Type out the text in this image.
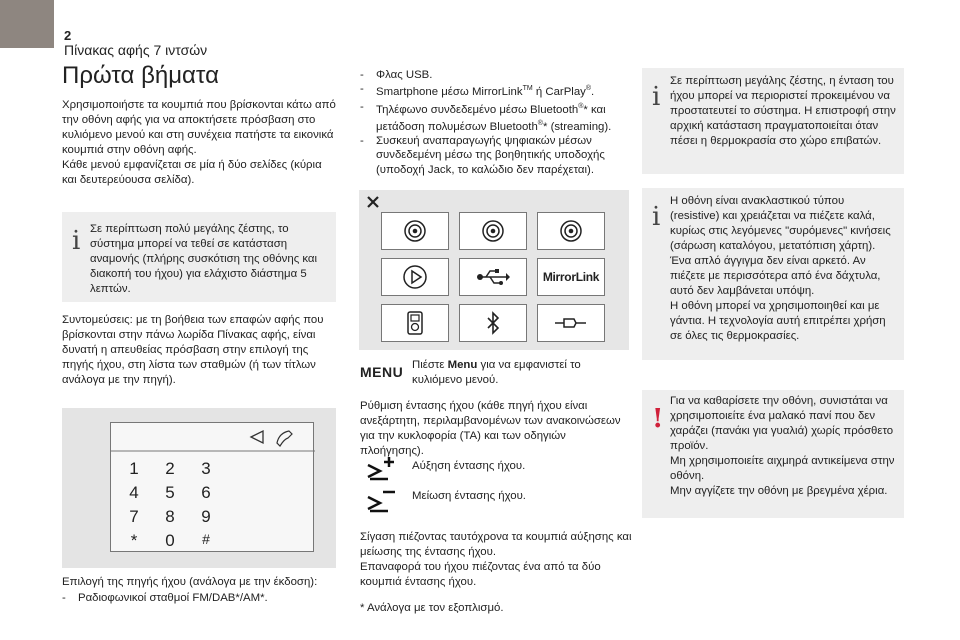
2
Πίνακας αφής 7 ιντσών
Πρώτα βήματα
Χρησιμοποιήστε τα κουμπιά που βρίσκονται κάτω από την οθόνη αφής για να αποκτήσετε πρόσβαση στο κυλιόμενο μενού και στη συνέχεια πατήστε τα εικονικά κουμπιά στην οθόνη αφής.
Κάθε μενού εμφανίζεται σε μία ή δύο σελίδες (κύρια και δευτερεύουσα σελίδα).
i Σε περίπτωση πολύ μεγάλης ζέστης, το σύστημα μπορεί να τεθεί σε κατάσταση αναμονής (πλήρης συσκότιση της οθόνης και διακοπή του ήχου) για ελάχιστο διάστημα 5 λεπτών.
Συντομεύσεις: με τη βοήθεια των επαφών αφής που βρίσκονται στην πάνω λωρίδα Πίνακας αφής, είναι δυνατή η απευθείας πρόσβαση στην επιλογή της πηγής ήχου, στη λίστα των σταθμών (ή των τίτλων ανάλογα με την πηγή).
1	2	3
4	5	6
7	8	9
*	0	#
Επιλογή της πηγής ήχου (ανάλογα με την έκδοση):
- Ραδιοφωνικοί σταθμοί FM/DAB*/AM*.
- Φλας USB.
- Smartphone μέσω MirrorLink™ ή CarPlay®.
- Τηλέφωνο συνδεδεμένο μέσω Bluetooth®* και μετάδοση πολυμέσων Bluetooth®* (streaming).
- Συσκευή αναπαραγωγής ψηφιακών μέσων συνδεδεμένη μέσω της βοηθητικής υποδοχής (υποδοχή Jack, το καλώδιο δεν παρέχεται).
MirrorLink
MENU Πιέστε Menu για να εμφανιστεί το κυλιόμενο μενού.
Ρύθμιση έντασης ήχου (κάθε πηγή ήχου είναι ανεξάρτητη, περιλαμβανομένων των ανακοινώσεων για την κυκλοφορία (TA) και των οδηγιών πλοήγησης).
Αύξηση έντασης ήχου.
Μείωση έντασης ήχου.
Σίγαση πιέζοντας ταυτόχρονα τα κουμπιά αύξησης και μείωσης της έντασης ήχου.
Επαναφορά του ήχου πιέζοντας ένα από τα δύο κουμπιά έντασης ήχου.
* Ανάλογα με τον εξοπλισμό.
i
Σε περίπτωση μεγάλης ζέστης, η ένταση του ήχου μπορεί να περιοριστεί προκειμένου να προστατευτεί το σύστημα. Η επιστροφή στην αρχική κατάσταση πραγματοποιείται όταν πέσει η θερμοκρασία στο χώρο επιβατών.
i
Η οθόνη είναι ανακλαστικού τύπου (resistive) και χρειάζεται να πιέζετε καλά, κυρίως στις λεγόμενες "συρόμενες" κινήσεις (σάρωση καταλόγου, μετατόπιση χάρτη). Ένα απλό άγγιγμα δεν είναι αρκετό. Αν πιέζετε με περισσότερα από ένα δάχτυλα, αυτό δεν λαμβάνεται υπόψη.
Η οθόνη μπορεί να χρησιμοποιηθεί και με γάντια. Η τεχνολογία αυτή επιτρέπει χρήση σε όλες τις θερμοκρασίες.
!
Για να καθαρίσετε την οθόνη, συνιστάται να χρησιμοποιείτε ένα μαλακό πανί που δεν χαράζει (πανάκι για γυαλιά) χωρίς πρόσθετο προϊόν.
Μη χρησιμοποιείτε αιχμηρά αντικείμενα στην οθόνη.
Μην αγγίζετε την οθόνη με βρεγμένα χέρια.
